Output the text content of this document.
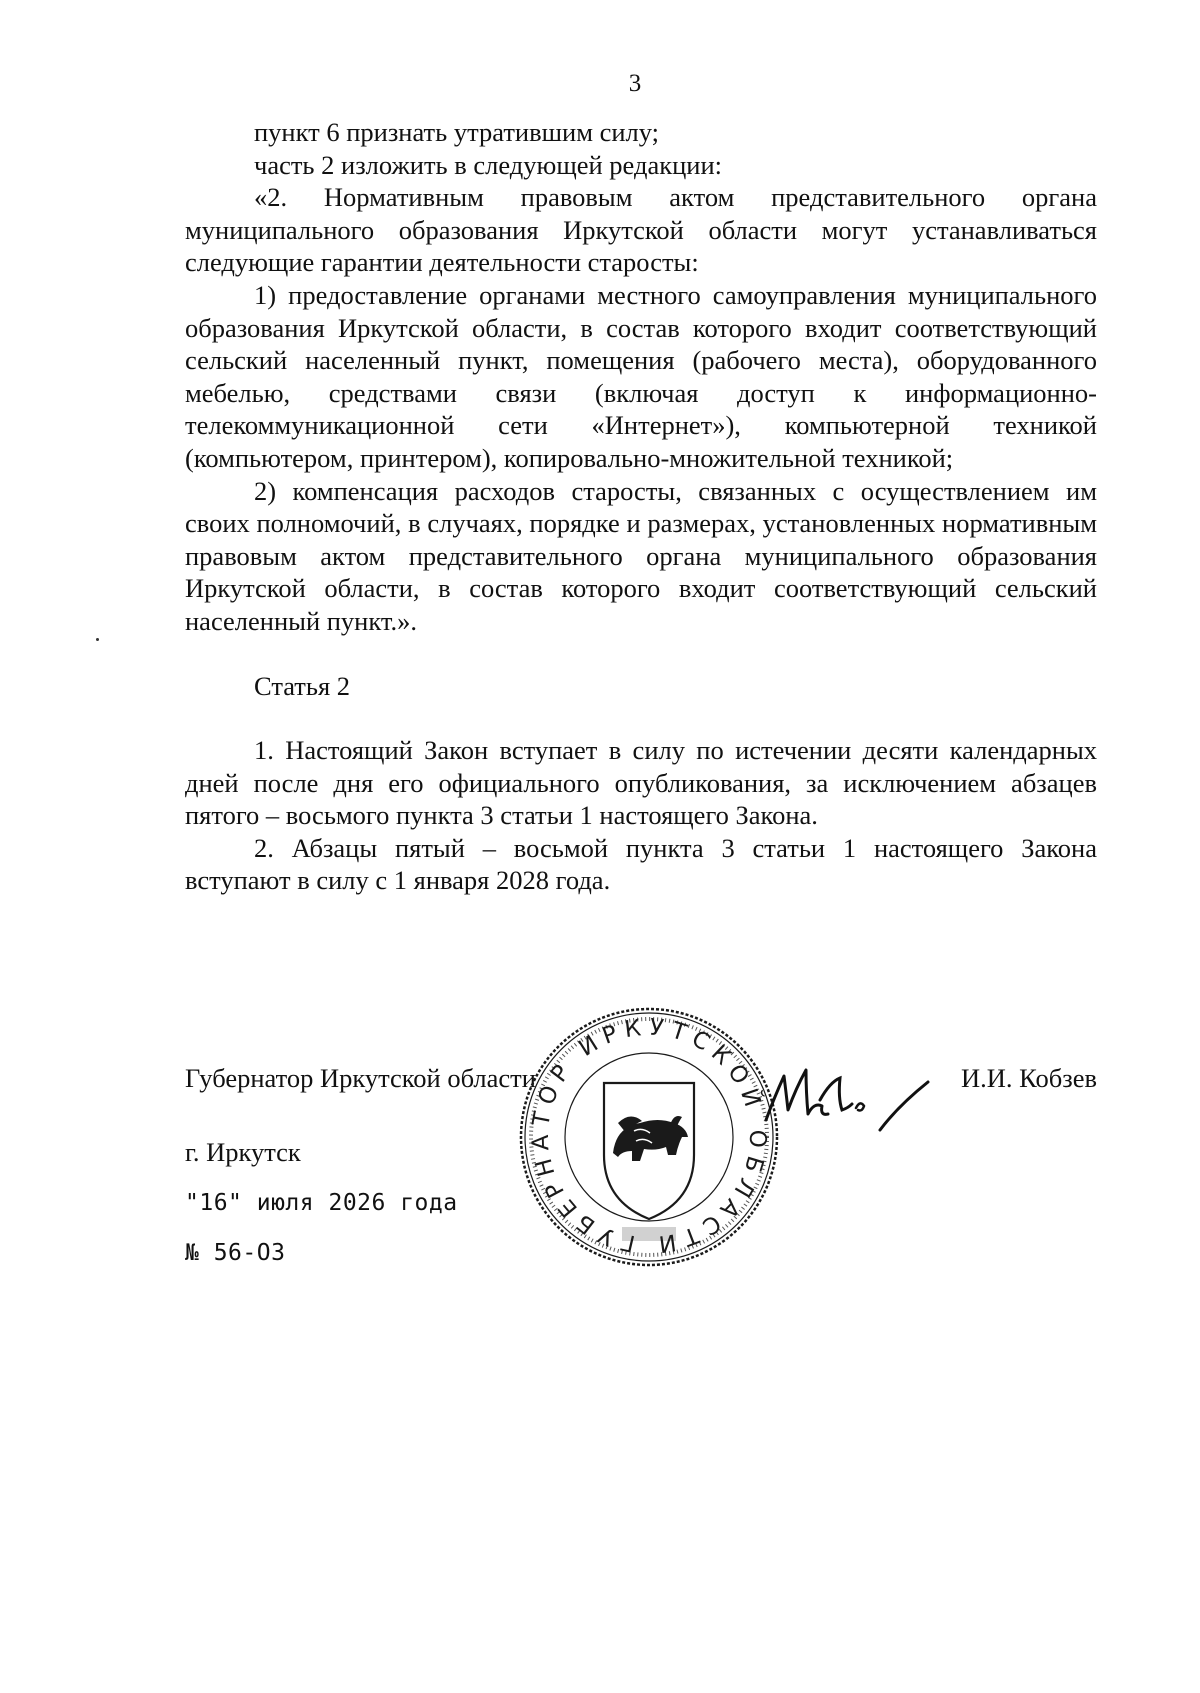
3

пункт 6 признать утратившим силу;

часть 2 изложить в следующей редакции:

«2. Нормативным правовым актом представительного органа муниципального образования Иркутской области могут устанавливаться следующие гарантии деятельности старосты:

1) предоставление органами местного самоуправления муниципального образования Иркутской области, в состав которого входит соответствующий сельский населенный пункт, помещения (рабочего места), оборудованного мебелью, средствами связи (включая доступ к информационно-телекоммуникационной сети «Интернет»), компьютерной техникой (компьютером, принтером), копировально-множительной техникой;

2) компенсация расходов старосты, связанных с осуществлением им своих полномочий, в случаях, порядке и размерах, установленных нормативным правовым актом представительного органа муниципального образования Иркутской области, в состав которого входит соответствующий сельский населенный пункт.».

Статья 2

1. Настоящий Закон вступает в силу по истечении десяти календарных дней после дня его официального опубликования, за исключением абзацев пятого – восьмого пункта 3 статьи 1 настоящего Закона.

2. Абзацы пятый – восьмой пункта 3 статьи 1 настоящего Закона вступают в силу с 1 января 2028 года.

Губернатор Иркутской области	И.И. Кобзев
г. Иркутск
"16" июля 2026 года
№ 56-ОЗ	ГУБЕРНАТОР ИРКУТСКОЙ ОБЛАСТИ
